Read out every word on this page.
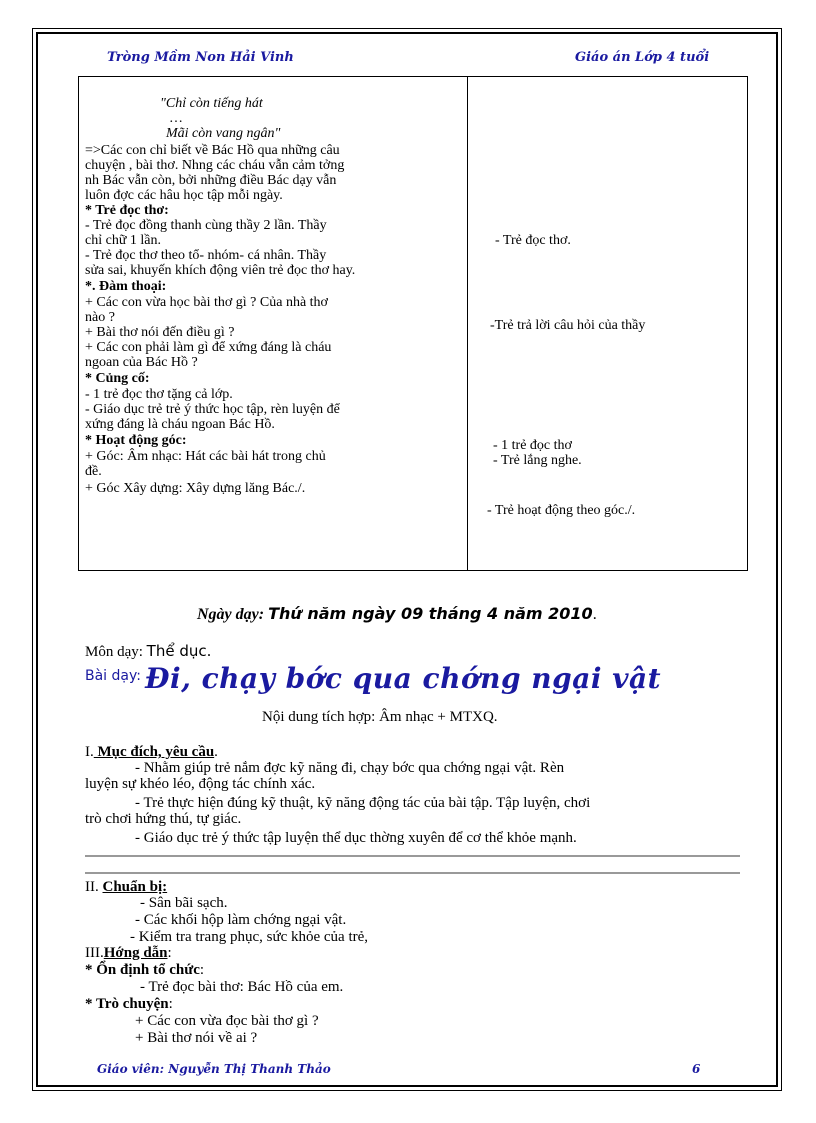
Tròng Mầm Non Hải Vinh	Giáo án Lớp 4 tuổi
"Chỉ còn tiếng hát
…
Mãi còn vang ngân"
=>Các con chỉ biết về Bác Hồ qua những câu
chuyện , bài thơ. Nhng các cháu vẫn cảm tởng
nh Bác vẫn còn, bởi những điều Bác dạy vẫn
luôn đợc các hâu học tập mỗi ngày.
* Trẻ đọc thơ:
- Trẻ đọc đồng thanh cùng thầy 2 lần. Thầy
chỉ chữ 1 lần.
- Trẻ đọc thơ theo tổ- nhóm- cá nhân. Thầy
sửa sai, khuyến khích động viên trẻ đọc thơ hay.
*. Đàm thoại:
+ Các con vừa học bài thơ gì ? Của nhà thơ
nào ?
+ Bài thơ nói đến điều gì ?
+ Các con phải làm gì để xứng đáng là cháu
ngoan của Bác Hồ ?
* Củng cố:
- 1 trẻ đọc thơ tặng cả lớp.
- Giáo dục trẻ trẻ ý thức học tập, rèn luyện để
xứng đáng là cháu ngoan Bác Hồ.
* Hoạt động góc:
+ Góc: Âm nhạc: Hát các bài hát trong chủ
đề.
+ Góc Xây dựng: Xây dựng lăng Bác./.
- Trẻ đọc thơ.
-Trẻ trả lời câu hỏi của thầy
- 1 trẻ đọc thơ
- Trẻ lắng nghe.
- Trẻ hoạt động theo góc./.
Ngày dạy: Thứ năm ngày 09 tháng 4 năm 2010.
Môn dạy: Thể dục.
Bài dạy: Đi, chạy bớc qua chớng ngại vật
Nội dung tích hợp: Âm nhạc + MTXQ.
I. Mục đích, yêu cầu.
- Nhằm giúp trẻ nắm đợc kỹ năng đi, chạy bớc qua chớng ngại vật. Rèn
luyện sự khéo léo, động tác chính xác.
- Trẻ thực hiện đúng kỹ thuật, kỹ năng động tác của bài tập. Tập luyện, chơi
trò chơi hứng thú, tự giác.
- Giáo dục trẻ ý thức tập luyện thể dục thờng xuyên để cơ thể khỏe mạnh.
II. Chuẩn bị:
- Sân bãi sạch.
- Các khối hộp làm chớng ngại vật.
- Kiểm tra trang phục, sức khỏe của trẻ,
III.Hớng dẫn:
* Ổn định tổ chức:
- Trẻ đọc bài thơ: Bác Hồ của em.
* Trò chuyện:
+ Các con vừa đọc bài thơ gì ?
+ Bài thơ nói về ai ?
Giáo viên: Nguyễn Thị Thanh Thảo	6
